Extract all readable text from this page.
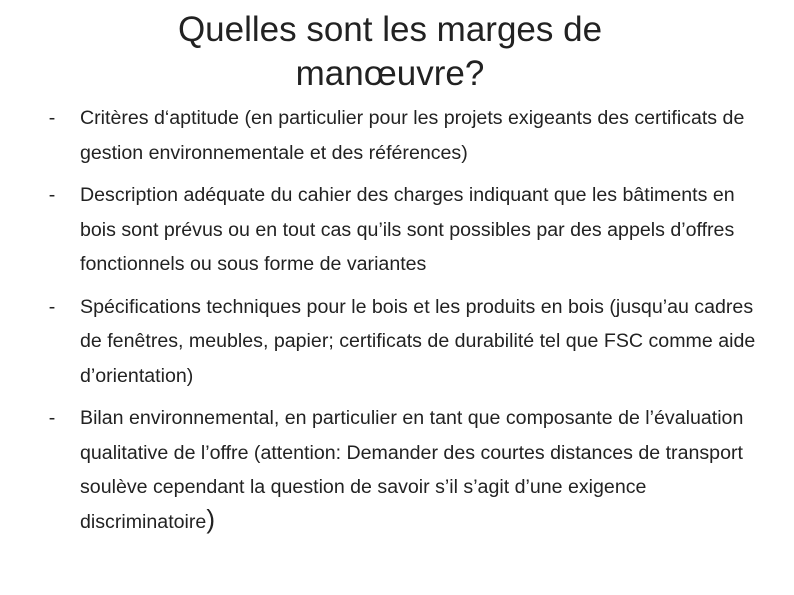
Quelles sont les marges de
manœuvre?
-	Critères d‘aptitude (en particulier pour les projets exigeants des certificats de gestion environnementale et des références)
-	Description adéquate du cahier des charges indiquant que les bâtiments en bois sont prévus ou en tout cas qu’ils sont possibles par des appels d’offres fonctionnels ou sous forme de variantes
-	Spécifications techniques pour le bois et les produits en bois (jusqu’au cadres de fenêtres, meubles, papier; certificats de durabilité tel que FSC comme aide d’orientation)
-	Bilan environnemental, en particulier en tant que composante de l’évaluation qualitative de l’offre (attention: Demander des courtes distances de transport soulève cependant la question de savoir s’il s’agit d’une exigence discriminatoire)
